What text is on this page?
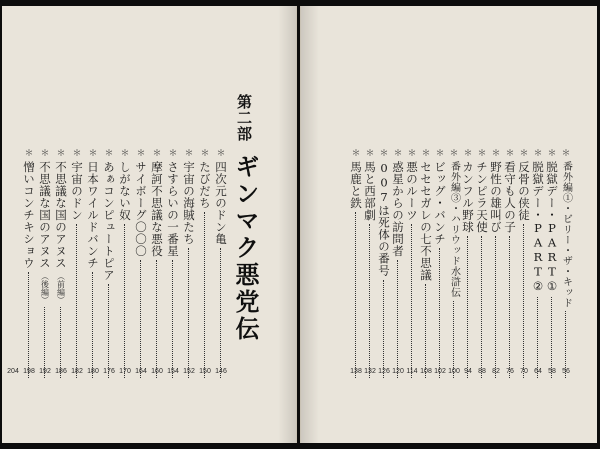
第二部
ギンマク悪党伝
＊
四次元のドン亀
＊
たびだち
＊
宇宙の海賊たち
＊
さすらいの一番星
＊
摩訶不思議な悪役
＊
サイボーグ〇〇〇
＊
しがない奴
＊
あぁコンピュートピア
＊
日本ワイルドバンチ
＊
宇宙のドン
＊
不思議な国のアヌス
（前編）
＊
不思議な国のアヌス
（後編）
＊
憎いコンチキショウ
146
150
152
154
160
164
170
176
180
182
186
192
198
204
＊
番外編①・ビリー・ザ・キッド
＊
脱獄デー・PART①
＊
脱獄デー・PART②
＊
反骨の侠徒
＊
看守も人の子
＊
野性の雄叫び
＊
チンピラ天使
＊
カンフル野球
＊
番外編③・ハリウッド水滸伝
＊
ビッグ・バンチ
＊
セセセガレの七不思議
＊
悪のルーツ
＊
惑星からの訪問者
＊
007は死体の番号
＊
馬と西部劇
＊
馬鹿と鉄
56
58
64
70
76
82
88
94
100
102
108
114
120
126
132
138
